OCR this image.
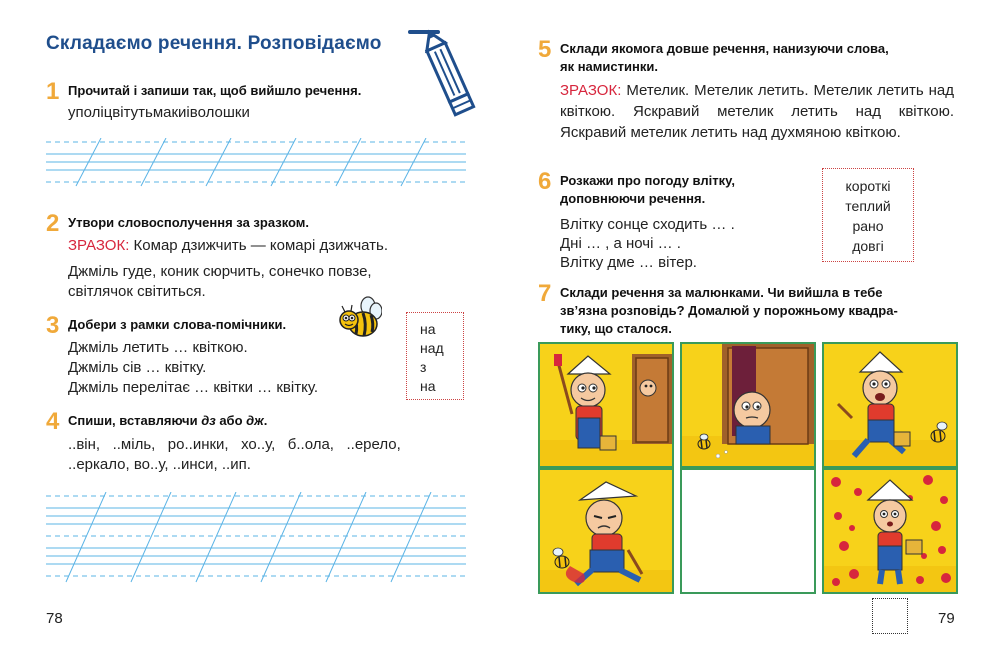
Складаємо речення. Розповідаємо
1 Прочитай і запиши так, щоб вийшло речення.
уполіцвітутьмакиіволошки
2 Утвори словосполучення за зразком.
ЗРАЗОК: Комар дзижчить — комарі дзижчать.
Джміль гуде, коник сюрчить, сонечко повзе,
світлячок світиться.
3 Добери з рамки слова-помічники.
Джміль летить … квіткою.
Джміль сів … квітку.
Джміль перелітає … квітки … квітку.
на
над
з
на
4 Спиши, вставляючи дз або дж.
..він,   ..міль,   ро..инки,   хо..у,   б..ола,   ..ерело,
..еркало, во..у, ..инси, ..ип.
78
5 Склади якомога довше речення, нанизуючи слова,
як намистинки.
ЗРАЗОК: Метелик. Метелик летить. Метелик летить над квіткою. Яскравий метелик летить над квіткою. Яскравий метелик летить над духмяною квіткою.
6 Розкажи про погоду влітку,
доповнюючи речення.
Влітку сонце сходить … .
Дні … , а ночі … .
Влітку дме … вітер.
короткі
теплий
рано
довгі
7 Склади речення за малюнками. Чи вийшла в тебе
зв’язна розповідь? Домалюй у порожньому квадра-
тику, що сталося.
79
